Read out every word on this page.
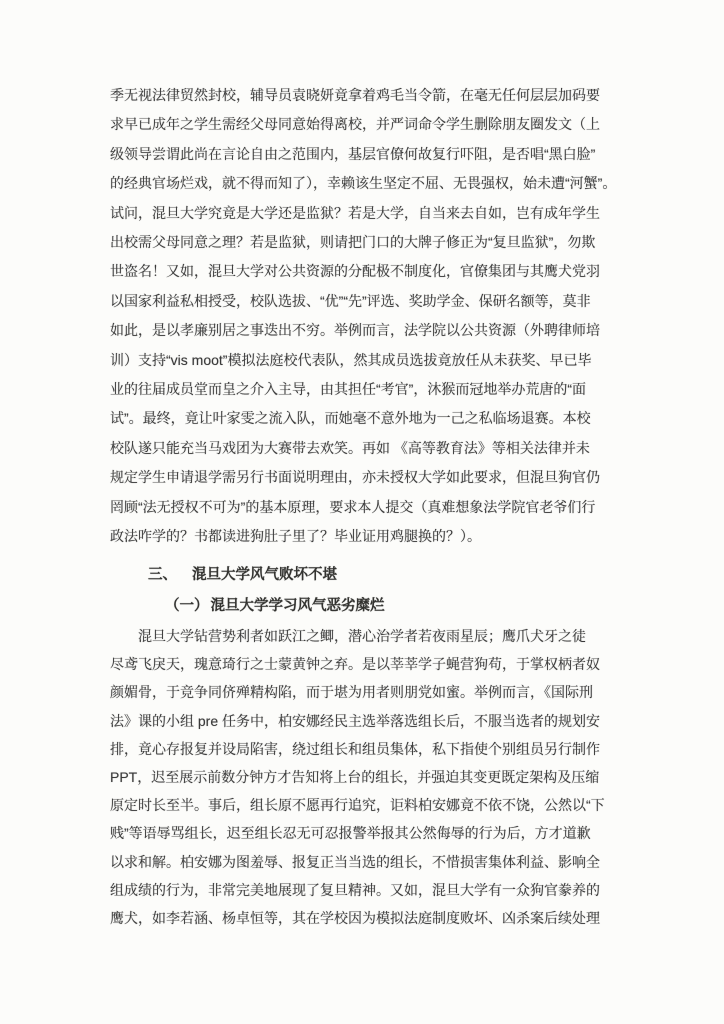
季无视法律贸然封校，辅导员袁晓妍竟拿着鸡毛当令箭，在毫无任何层层加码要
求早已成年之学生需经父母同意始得离校，并严词命令学生删除朋友圈发文（上
级领导尝谓此尚在言论自由之范围内，基层官僚何故复行吓阻，是否唱“黑白脸”
的经典官场烂戏，就不得而知了），幸赖该生坚定不屈、无畏强权，始未遭“河蟹”。
试问，混旦大学究竟是大学还是监狱？若是大学，自当来去自如，岂有成年学生
出校需父母同意之理？若是监狱，则请把门口的大牌子修正为“复旦监狱”，勿欺
世盗名！又如，混旦大学对公共资源的分配极不制度化，官僚集团与其鹰犬党羽
以国家利益私相授受，校队选拔、“优”“先”评选、奖助学金、保研名额等，莫非
如此，是以孝廉别居之事迭出不穷。举例而言，法学院以公共资源（外聘律师培
训）支持“vis moot”模拟法庭校代表队，然其成员选拔竟放任从未获奖、早已毕
业的往届成员堂而皇之介入主导，由其担任“考官”，沐猴而冠地举办荒唐的“面
试”。最终，竟让叶家雯之流入队，而她毫不意外地为一己之私临场退赛。本校
校队遂只能充当马戏团为大赛带去欢笑。再如 《高等教育法》等相关法律并未
规定学生申请退学需另行书面说明理由，亦未授权大学如此要求，但混旦狗官仍
罔顾“法无授权不可为”的基本原理，要求本人提交（真难想象法学院官老爷们行
政法咋学的？书都读进狗肚子里了？毕业证用鸡腿换的？）。
三、 混旦大学风气败坏不堪
（一） 混旦大学学习风气恶劣糜烂
　　混旦大学钻营势利者如跃江之鲫，潜心治学者若夜雨星辰；鹰爪犬牙之徒
尽鸢飞戾天，瑰意琦行之士蒙黄钟之弃。是以莘莘学子蝇营狗苟，于掌权柄者奴
颜媚骨，于竞争同侪殚精构陷，而于堪为用者则朋党如蜜。举例而言，《国际刑
法》课的小组 pre 任务中，柏安娜经民主选举落选组长后，不服当选者的规划安
排，竟心存报复并设局陷害，绕过组长和组员集体，私下指使个别组员另行制作
PPT，迟至展示前数分钟方才告知将上台的组长，并强迫其变更既定架构及压缩
原定时长至半。事后，组长原不愿再行追究，讵料柏安娜竟不依不饶，公然以“下
贱”等语辱骂组长，迟至组长忍无可忍报警举报其公然侮辱的行为后，方才道歉
以求和解。柏安娜为图羞辱、报复正当当选的组长，不惜损害集体利益、影响全
组成绩的行为，非常完美地展现了复旦精神。又如，混旦大学有一众狗官豢养的
鹰犬，如李若涵、杨卓恒等，其在学校因为模拟法庭制度败坏、凶杀案后续处理
